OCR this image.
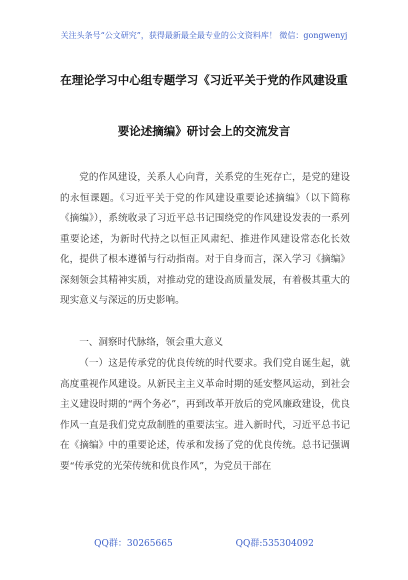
关注头条号“公文研究”，获得最新最全最专业的公文资料库！ 微信：gongwenyj
在理论学习中心组专题学习《习近平关于党的作风建设重
要论述摘编》研讨会上的交流发言

党的作风建设，关系人心向背，关系党的生死存亡，是党的建设的永恒课题。《习近平关于党的作风建设重要论述摘编》（以下简称《摘编》），系统收录了习近平总书记围绕党的作风建设发表的一系列重要论述，为新时代持之以恒正风肃纪、推进作风建设常态化长效化，提供了根本遵循与行动指南。对于自身而言，深入学习《摘编》深刻领会其精神实质，对推动党的建设高质量发展，有着极其重大的现实意义与深远的历史影响。

一、洞察时代脉络，领会重大意义

（一）这是传承党的优良传统的时代要求。我们党自诞生起，就高度重视作风建设。从新民主主义革命时期的延安整风运动，到社会主义建设时期的“两个务必”，再到改革开放后的党风廉政建设，优良作风一直是我们党克敌制胜的重要法宝。进入新时代，习近平总书记在《摘编》中的重要论述，传承和发扬了党的优良传统。总书记强调要“传承党的光荣传统和优良作风”，为党员干部在

QQ群：30265665	QQ群:535304092
